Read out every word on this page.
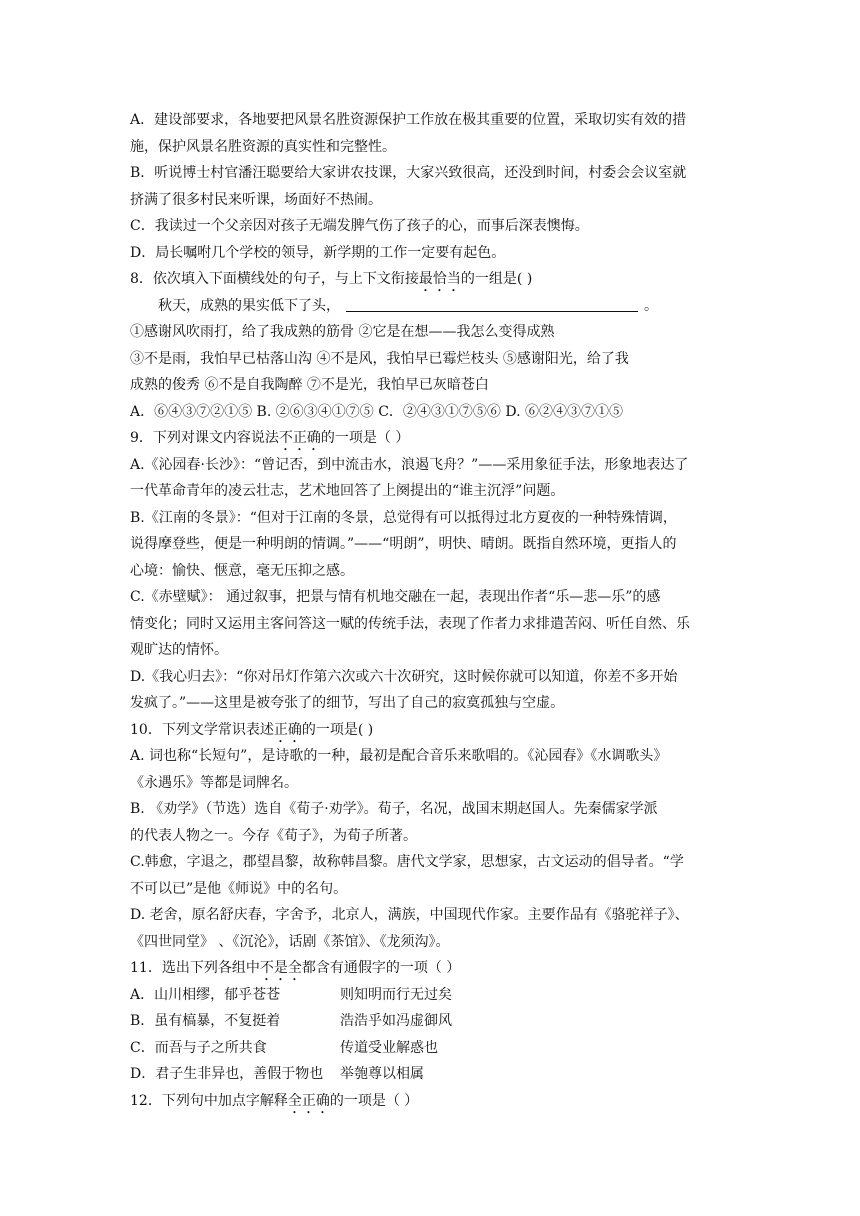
A．建设部要求，各地要把风景名胜资源保护工作放在极其重要的位置，采取切实有效的措
施，保护风景名胜资源的真实性和完整性。
B．听说博士村官潘汪聪要给大家讲农技课，大家兴致很高，还没到时间，村委会会议室就
挤满了很多村民来听课，场面好不热闹。
C．我读过一个父亲因对孩子无端发脾气伤了孩子的心，而事后深表懊悔。
D．局长嘱咐几个学校的领导，新学期的工作一定要有起色。
8．依次填入下面横线处的句子，与上下文衔接最恰当的一组是( )
秋天，成熟的果实低下了头，	。
①感谢风吹雨打，给了我成熟的筋骨 ②它是在想——我怎么变得成熟
③不是雨，我怕早已枯落山沟 ④不是风，我怕早已霉烂枝头 ⑤感谢阳光，给了我
成熟的俊秀 ⑥不是自我陶醉 ⑦不是光，我怕早已灰暗苍白
A．⑥④③⑦②①⑤ B. ②⑥③④①⑦⑤ C．②④③①⑦⑤⑥ D. ⑥②④③⑦①⑤
9．下列对课文内容说法不正确的一项是（ ）
A.《沁园春·长沙》：“曾记否，到中流击水，浪遏飞舟？”——采用象征手法，形象地表达了
一代革命青年的凌云壮志，艺术地回答了上阕提出的“谁主沉浮”问题。
B.《江南的冬景》：“但对于江南的冬景，总觉得有可以抵得过北方夏夜的一种特殊情调，
说得摩登些，便是一种明朗的情调。”——“明朗”，明快、晴朗。既指自然环境，更指人的
心境：愉快、惬意，毫无压抑之感。
C.《赤壁赋》： 通过叙事，把景与情有机地交融在一起，表现出作者“乐—悲—乐”的感
情变化；同时又运用主客问答这一赋的传统手法，表现了作者力求排遣苦闷、听任自然、乐
观旷达的情怀。
D.《我心归去》：“你对吊灯作第六次或六十次研究，这时候你就可以知道，你差不多开始
发疯了。”——这里是被夸张了的细节，写出了自己的寂寞孤独与空虚。
10．下列文学常识表述正确的一项是( )
A. 词也称“长短句”，是诗歌的一种，最初是配合音乐来歌唱的。《沁园春》《水调歌头》
《永遇乐》等都是词牌名。
B. 《劝学》（节选）选自《荀子·劝学》。荀子，名况，战国末期赵国人。先秦儒家学派
的代表人物之一。今存《荀子》，为荀子所著。
C.韩愈，字退之，郡望昌黎，故称韩昌黎。唐代文学家，思想家，古文运动的倡导者。“学
不可以已”是他《师说》中的名句。
D. 老舍，原名舒庆春，字舍予，北京人，满族，中国现代作家。主要作品有《骆驼祥子》、
《四世同堂》 、《沉沦》，话剧《茶馆》、《龙须沟》。
11．选出下列各组中不是全都含有通假字的一项（ ）
A．山川相缪，郁乎苍苍	则知明而行无过矣
B．虽有槁暴，不复挺着	浩浩乎如冯虚御风
C．而吾与子之所共食	传道受业解惑也
D．君子生非异也，善假于物也 举匏尊以相属
12．下列句中加点字解释全正确的一项是（ ）
